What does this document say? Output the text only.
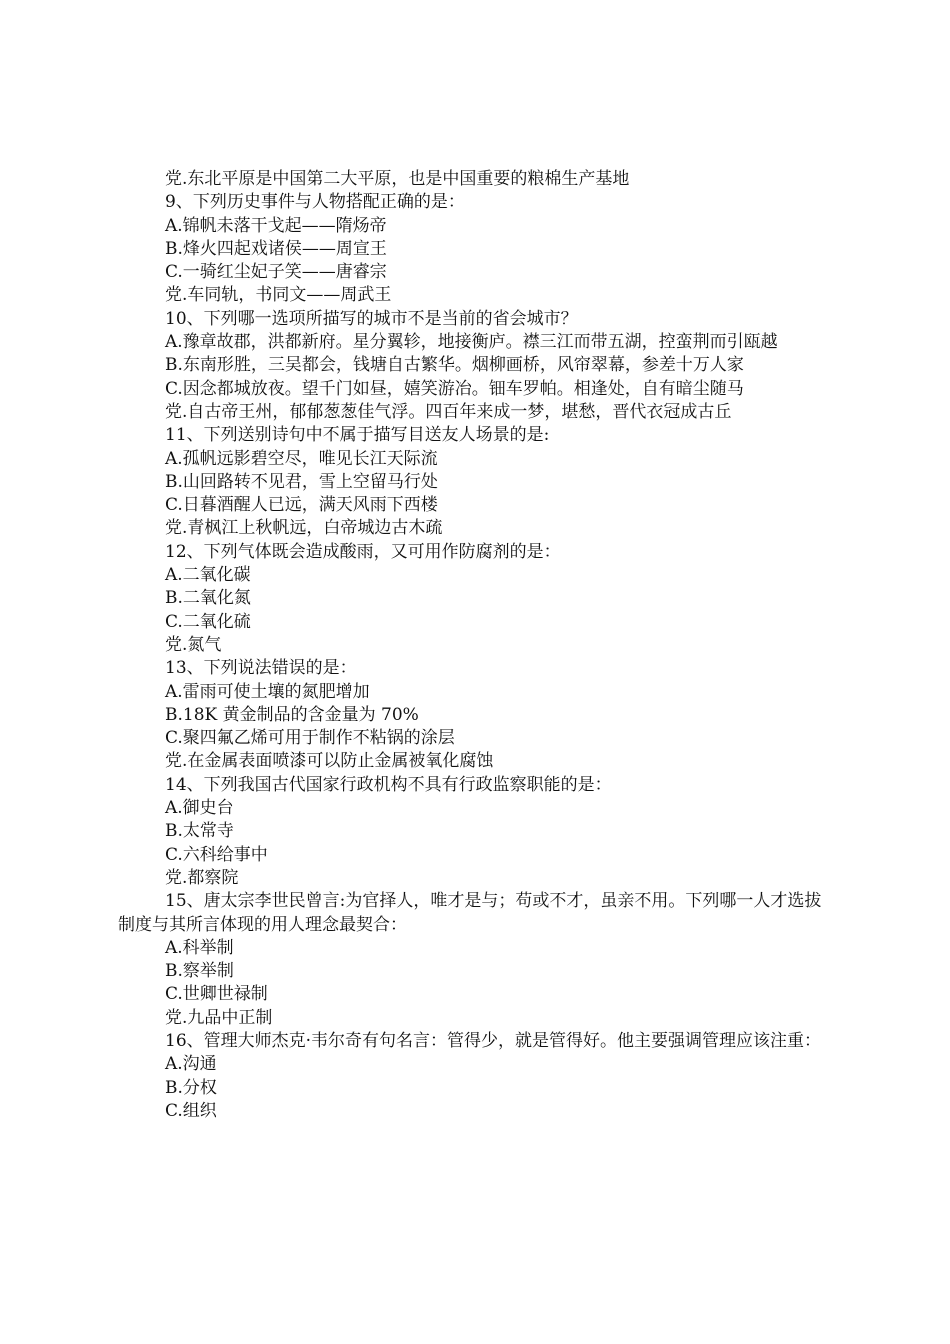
党.东北平原是中国第二大平原，也是中国重要的粮棉生产基地
9、下列历史事件与人物搭配正确的是：
A.锦帆未落干戈起——隋炀帝
B.烽火四起戏诸侯——周宣王
C.一骑红尘妃子笑——唐睿宗
党.车同轨，书同文——周武王
10、下列哪一选项所描写的城市不是当前的省会城市？
A.豫章故郡，洪都新府。星分翼轸，地接衡庐。襟三江而带五湖，控蛮荆而引瓯越
B.东南形胜，三吴都会，钱塘自古繁华。烟柳画桥，风帘翠幕，参差十万人家
C.因念都城放夜。望千门如昼，嬉笑游冶。钿车罗帕。相逢处，自有暗尘随马
党.自古帝王州，郁郁葱葱佳气浮。四百年来成一梦，堪愁，晋代衣冠成古丘
11、下列送别诗句中不属于描写目送友人场景的是:
A.孤帆远影碧空尽，唯见长江天际流
B.山回路转不见君，雪上空留马行处
C.日暮酒醒人已远，满天风雨下西楼
党.青枫江上秋帆远，白帝城边古木疏
12、下列气体既会造成酸雨，又可用作防腐剂的是：
A.二氧化碳
B.二氧化氮
C.二氧化硫
党.氮气
13、下列说法错误的是：
A.雷雨可使土壤的氮肥增加
B.18K 黄金制品的含金量为 70%
C.聚四氟乙烯可用于制作不粘锅的涂层
党.在金属表面喷漆可以防止金属被氧化腐蚀
14、下列我国古代国家行政机构不具有行政监察职能的是：
A.御史台
B.太常寺
C.六科给事中
党.都察院
15、唐太宗李世民曾言:为官择人，唯才是与；苟或不才，虽亲不用。下列哪一人才选拔制度与其所言体现的用人理念最契合：
A.科举制
B.察举制
C.世卿世禄制
党.九品中正制
16、管理大师杰克·韦尔奇有句名言：管得少，就是管得好。他主要强调管理应该注重：
A.沟通
B.分权
C.组织
